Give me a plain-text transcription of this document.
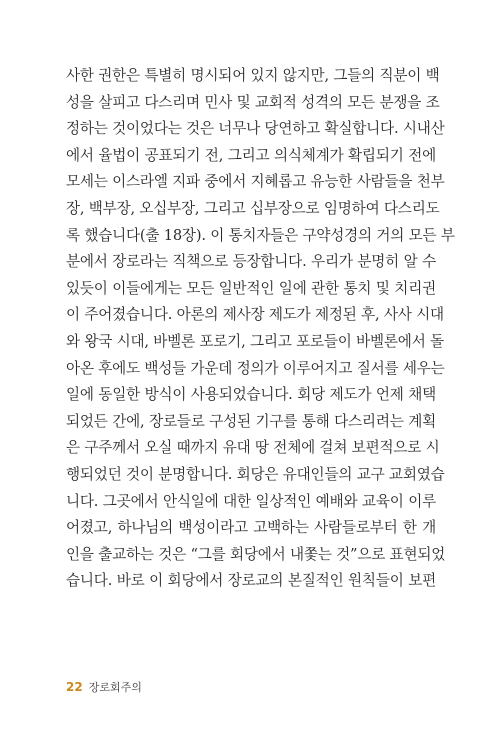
사한 권한은 특별히 명시되어 있지 않지만, 그들의 직분이 백
성을 살피고 다스리며 민사 및 교회적 성격의 모든 분쟁을 조
정하는 것이었다는 것은 너무나 당연하고 확실합니다. 시내산
에서 율법이 공표되기 전, 그리고 의식체계가 확립되기 전에
모세는 이스라엘 지파 중에서 지혜롭고 유능한 사람들을 천부
장, 백부장, 오십부장, 그리고 십부장으로 임명하여 다스리도
록 했습니다(출 18장). 이 통치자들은 구약성경의 거의 모든 부
분에서 장로라는 직책으로 등장합니다. 우리가 분명히 알 수
있듯이 이들에게는 모든 일반적인 일에 관한 통치 및 치리권
이 주어졌습니다. 아론의 제사장 제도가 제정된 후, 사사 시대
와 왕국 시대, 바벨론 포로기, 그리고 포로들이 바벨론에서 돌
아온 후에도 백성들 가운데 정의가 이루어지고 질서를 세우는
일에 동일한 방식이 사용되었습니다. 회당 제도가 언제 채택
되었든 간에, 장로들로 구성된 기구를 통해 다스리려는 계획
은 구주께서 오실 때까지 유대 땅 전체에 걸쳐 보편적으로 시
행되었던 것이 분명합니다. 회당은 유대인들의 교구 교회였습
니다. 그곳에서 안식일에 대한 일상적인 예배와 교육이 이루
어졌고, 하나님의 백성이라고 고백하는 사람들로부터 한 개
인을 출교하는 것은 “그를 회당에서 내쫓는 것”으로 표현되었
습니다. 바로 이 회당에서 장로교의 본질적인 원칙들이 보편
22 장로회주의
